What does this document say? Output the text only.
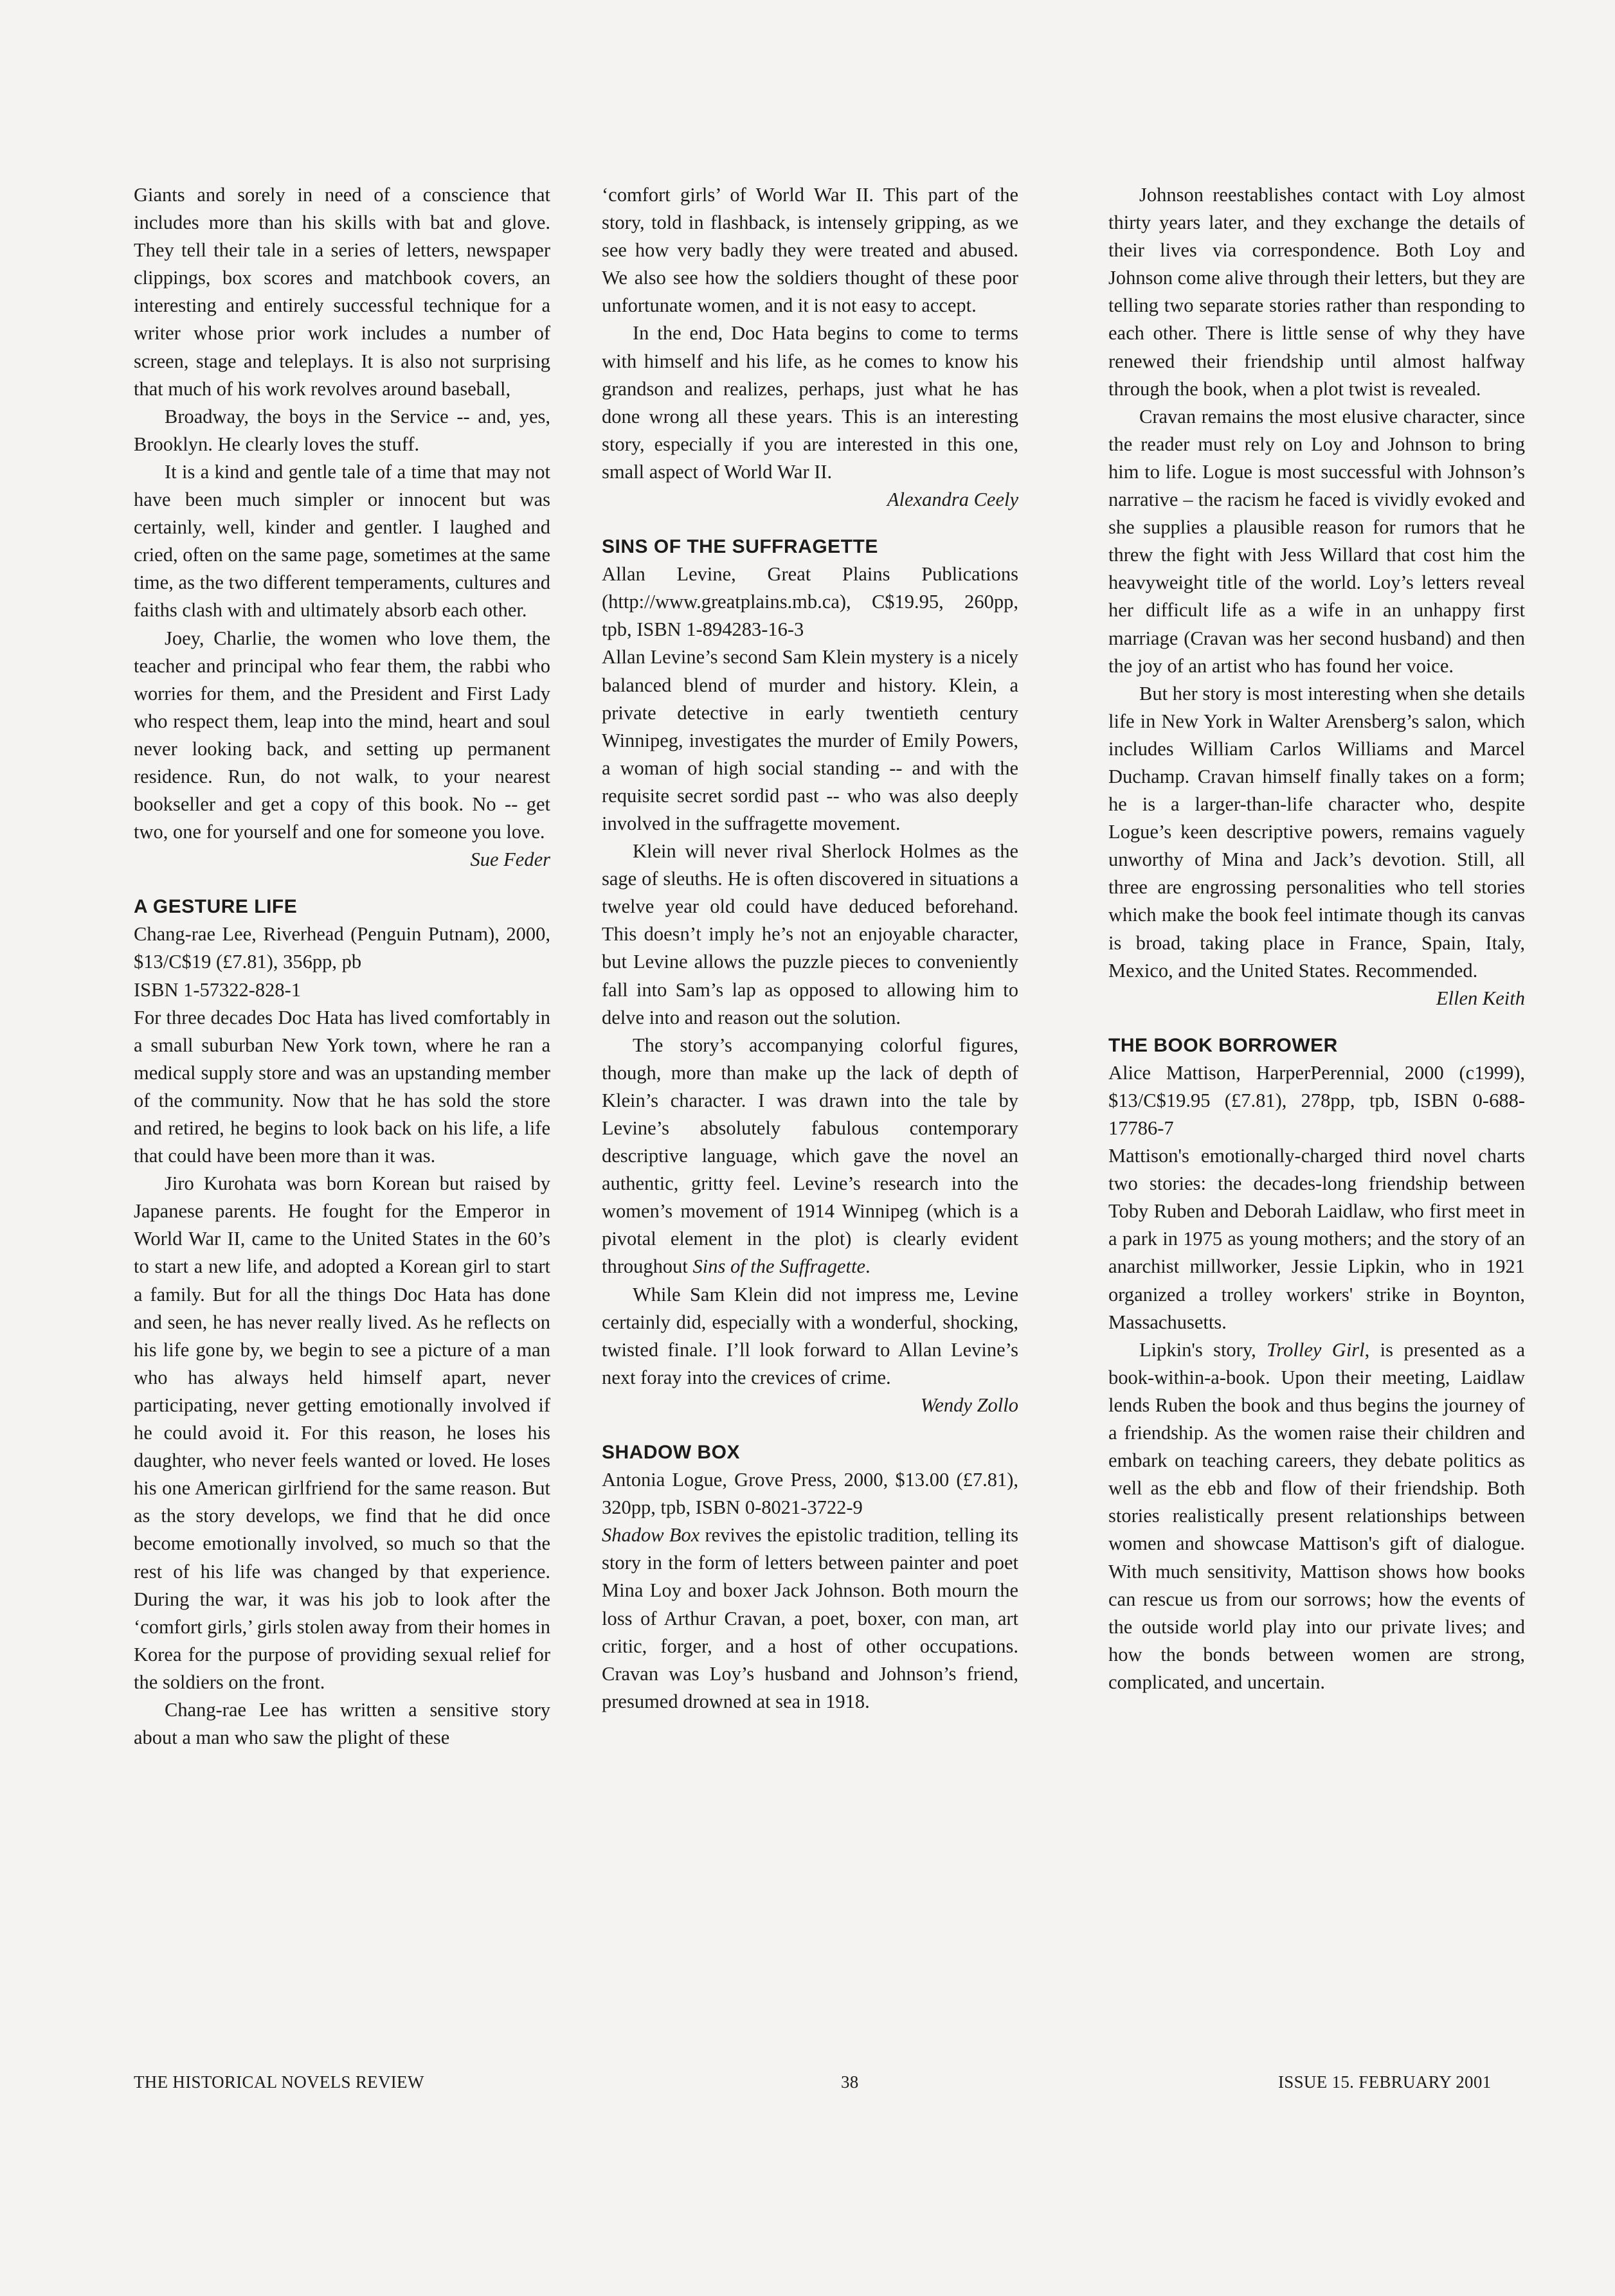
Giants and sorely in need of a conscience that includes more than his skills with bat and glove. They tell their tale in a series of letters, newspaper clippings, box scores and matchbook covers, an interesting and entirely successful technique for a writer whose prior work includes a number of screen, stage and teleplays. It is also not surprising that much of his work revolves around baseball,

Broadway, the boys in the Service -- and, yes, Brooklyn. He clearly loves the stuff.

It is a kind and gentle tale of a time that may not have been much simpler or innocent but was certainly, well, kinder and gentler. I laughed and cried, often on the same page, sometimes at the same time, as the two different temperaments, cultures and faiths clash with and ultimately absorb each other.

Joey, Charlie, the women who love them, the teacher and principal who fear them, the rabbi who worries for them, and the President and First Lady who respect them, leap into the mind, heart and soul never looking back, and setting up permanent residence. Run, do not walk, to your nearest bookseller and get a copy of this book. No -- get two, one for yourself and one for someone you love.

Sue Feder

A GESTURE LIFE

Chang-rae Lee, Riverhead (Penguin Putnam), 2000, $13/C$19 (£7.81), 356pp, pb

ISBN 1-57322-828-1

For three decades Doc Hata has lived comfortably in a small suburban New York town, where he ran a medical supply store and was an upstanding member of the community. Now that he has sold the store and retired, he begins to look back on his life, a life that could have been more than it was.

Jiro Kurohata was born Korean but raised by Japanese parents. He fought for the Emperor in World War II, came to the United States in the 60’s to start a new life, and adopted a Korean girl to start a family. But for all the things Doc Hata has done and seen, he has never really lived. As he reflects on his life gone by, we begin to see a picture of a man who has always held himself apart, never participating, never getting emotionally involved if he could avoid it. For this reason, he loses his daughter, who never feels wanted or loved. He loses his one American girlfriend for the same reason. But as the story develops, we find that he did once become emotionally involved, so much so that the rest of his life was changed by that experience. During the war, it was his job to look after the ‘comfort girls,’ girls stolen away from their homes in Korea for the purpose of providing sexual relief for the soldiers on the front.

Chang-rae Lee has written a sensitive story about a man who saw the plight of these

‘comfort girls’ of World War II. This part of the story, told in flashback, is intensely gripping, as we see how very badly they were treated and abused. We also see how the soldiers thought of these poor unfortunate women, and it is not easy to accept.

In the end, Doc Hata begins to come to terms with himself and his life, as he comes to know his grandson and realizes, perhaps, just what he has done wrong all these years. This is an interesting story, especially if you are interested in this one, small aspect of World War II.

Alexandra Ceely

SINS OF THE SUFFRAGETTE

Allan Levine, Great Plains Publications (http://www.greatplains.mb.ca), C$19.95, 260pp, tpb, ISBN 1-894283-16-3

Allan Levine’s second Sam Klein mystery is a nicely balanced blend of murder and history. Klein, a private detective in early twentieth century Winnipeg, investigates the murder of Emily Powers, a woman of high social standing -- and with the requisite secret sordid past -- who was also deeply involved in the suffragette movement.

Klein will never rival Sherlock Holmes as the sage of sleuths. He is often discovered in situations a twelve year old could have deduced beforehand. This doesn’t imply he’s not an enjoyable character, but Levine allows the puzzle pieces to conveniently fall into Sam’s lap as opposed to allowing him to delve into and reason out the solution.

The story’s accompanying colorful figures, though, more than make up the lack of depth of Klein’s character. I was drawn into the tale by Levine’s absolutely fabulous contemporary descriptive language, which gave the novel an authentic, gritty feel. Levine’s research into the women’s movement of 1914 Winnipeg (which is a pivotal element in the plot) is clearly evident throughout Sins of the Suffragette.

While Sam Klein did not impress me, Levine certainly did, especially with a wonderful, shocking, twisted finale. I’ll look forward to Allan Levine’s next foray into the crevices of crime.

Wendy Zollo

SHADOW BOX

Antonia Logue, Grove Press, 2000, $13.00 (£7.81), 320pp, tpb, ISBN 0-8021-3722-9

Shadow Box revives the epistolic tradition, telling its story in the form of letters between painter and poet Mina Loy and boxer Jack Johnson. Both mourn the loss of Arthur Cravan, a poet, boxer, con man, art critic, forger, and a host of other occupations. Cravan was Loy’s husband and Johnson’s friend, presumed drowned at sea in 1918.

Johnson reestablishes contact with Loy almost thirty years later, and they exchange the details of their lives via correspondence. Both Loy and Johnson come alive through their letters, but they are telling two separate stories rather than responding to each other. There is little sense of why they have renewed their friendship until almost halfway through the book, when a plot twist is revealed.

Cravan remains the most elusive character, since the reader must rely on Loy and Johnson to bring him to life. Logue is most successful with Johnson’s narrative – the racism he faced is vividly evoked and she supplies a plausible reason for rumors that he threw the fight with Jess Willard that cost him the heavyweight title of the world. Loy’s letters reveal her difficult life as a wife in an unhappy first marriage (Cravan was her second husband) and then the joy of an artist who has found her voice.

But her story is most interesting when she details life in New York in Walter Arensberg’s salon, which includes William Carlos Williams and Marcel Duchamp. Cravan himself finally takes on a form; he is a larger-than-life character who, despite Logue’s keen descriptive powers, remains vaguely unworthy of Mina and Jack’s devotion. Still, all three are engrossing personalities who tell stories which make the book feel intimate though its canvas is broad, taking place in France, Spain, Italy, Mexico, and the United States. Recommended.

Ellen Keith

THE BOOK BORROWER

Alice Mattison, HarperPerennial, 2000 (c1999), $13/C$19.95 (£7.81), 278pp, tpb, ISBN 0-688-17786-7

Mattison's emotionally-charged third novel charts two stories: the decades-long friendship between Toby Ruben and Deborah Laidlaw, who first meet in a park in 1975 as young mothers; and the story of an anarchist millworker, Jessie Lipkin, who in 1921 organized a trolley workers' strike in Boynton, Massachusetts.

Lipkin's story, Trolley Girl, is presented as a book-within-a-book. Upon their meeting, Laidlaw lends Ruben the book and thus begins the journey of a friendship. As the women raise their children and embark on teaching careers, they debate politics as well as the ebb and flow of their friendship. Both stories realistically present relationships between women and showcase Mattison's gift of dialogue. With much sensitivity, Mattison shows how books can rescue us from our sorrows; how the events of the outside world play into our private lives; and how the bonds between women are strong, complicated, and uncertain.

THE HISTORICAL NOVELS REVIEW	38	ISSUE 15. FEBRUARY 2001
